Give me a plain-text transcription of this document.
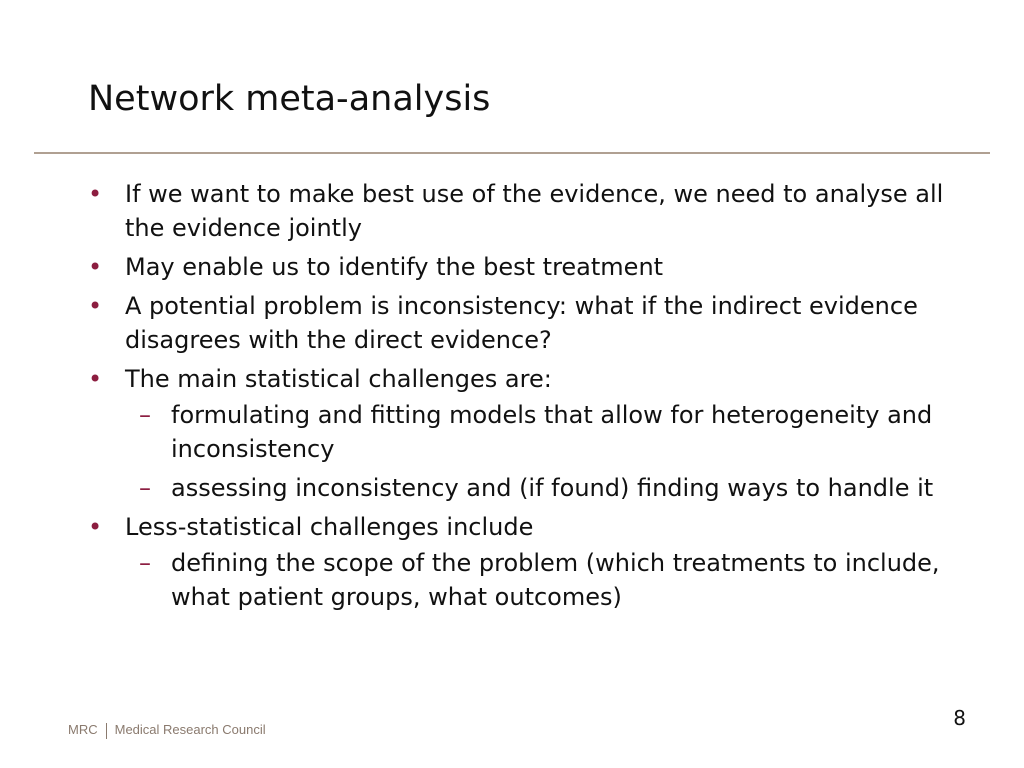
Network meta-analysis
• If we want to make best use of the evidence, we need to analyse all the evidence jointly
• May enable us to identify the best treatment
• A potential problem is inconsistency: what if the indirect evidence disagrees with the direct evidence?
• The main statistical challenges are:
– formulating and fitting models that allow for heterogeneity and inconsistency
– assessing inconsistency and (if found) finding ways to handle it
• Less-statistical challenges include
– defining the scope of the problem (which treatments to include, what patient groups, what outcomes)
8
MRC Medical Research Council
